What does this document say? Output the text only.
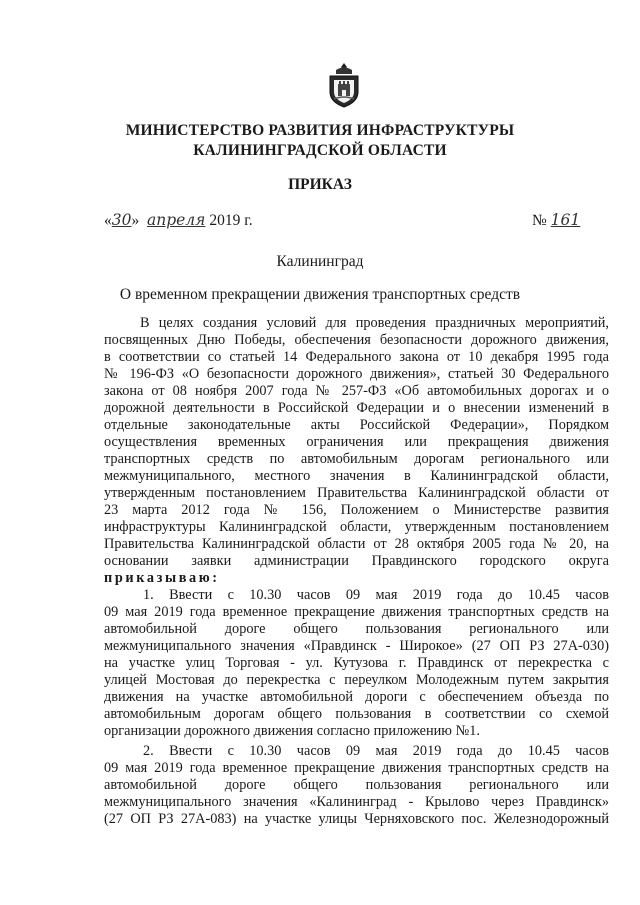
МИНИСТЕРСТВО РАЗВИТИЯ ИНФРАСТРУКТУРЫ
КАЛИНИНГРАДСКОЙ ОБЛАСТИ
ПРИКАЗ
«30» апреля 2019 г.	№ 161
Калининград
О временном прекращении движения транспортных средств
В целях создания условий для проведения праздничных мероприятий,
посвященных Дню Победы, обеспечения безопасности дорожного движения,
в соответствии со статьей 14 Федерального закона от 10 декабря 1995 года
№ 196-ФЗ «О безопасности дорожного движения», статьей 30 Федерального
закона от 08 ноября 2007 года № 257-ФЗ «Об автомобильных дорогах и о
дорожной деятельности в Российской Федерации и о внесении изменений в
отдельные законодательные акты Российской Федерации», Порядком
осуществления временных ограничения или прекращения движения
транспортных средств по автомобильным дорогам регионального или
межмуниципального, местного значения в Калининградской области,
утвержденным постановлением Правительства Калининградской области от
23 марта 2012 года № 156, Положением о Министерстве развития
инфраструктуры Калининградской области, утвержденным постановлением
Правительства Калининградской области от 28 октября 2005 года № 20, на
основании заявки администрации Правдинского городского округа
приказываю:
1. Ввести с 10.30 часов 09 мая 2019 года до 10.45 часов
09 мая 2019 года временное прекращение движения транспортных средств на
автомобильной дороге общего пользования регионального или
межмуниципального значения «Правдинск - Широкое» (27 ОП РЗ 27А-030)
на участке улиц Торговая - ул. Кутузова г. Правдинск от перекрестка с
улицей Мостовая до перекрестка с переулком Молодежным путем закрытия
движения на участке автомобильной дороги с обеспечением объезда по
автомобильным дорогам общего пользования в соответствии со схемой
организации дорожного движения согласно приложению №1.
2. Ввести с 10.30 часов 09 мая 2019 года до 10.45 часов
09 мая 2019 года временное прекращение движения транспортных средств на
автомобильной дороге общего пользования регионального или
межмуниципального значения «Калининград - Крылово через Правдинск»
(27 ОП РЗ 27А-083) на участке улицы Черняховского пос. Железнодорожный
